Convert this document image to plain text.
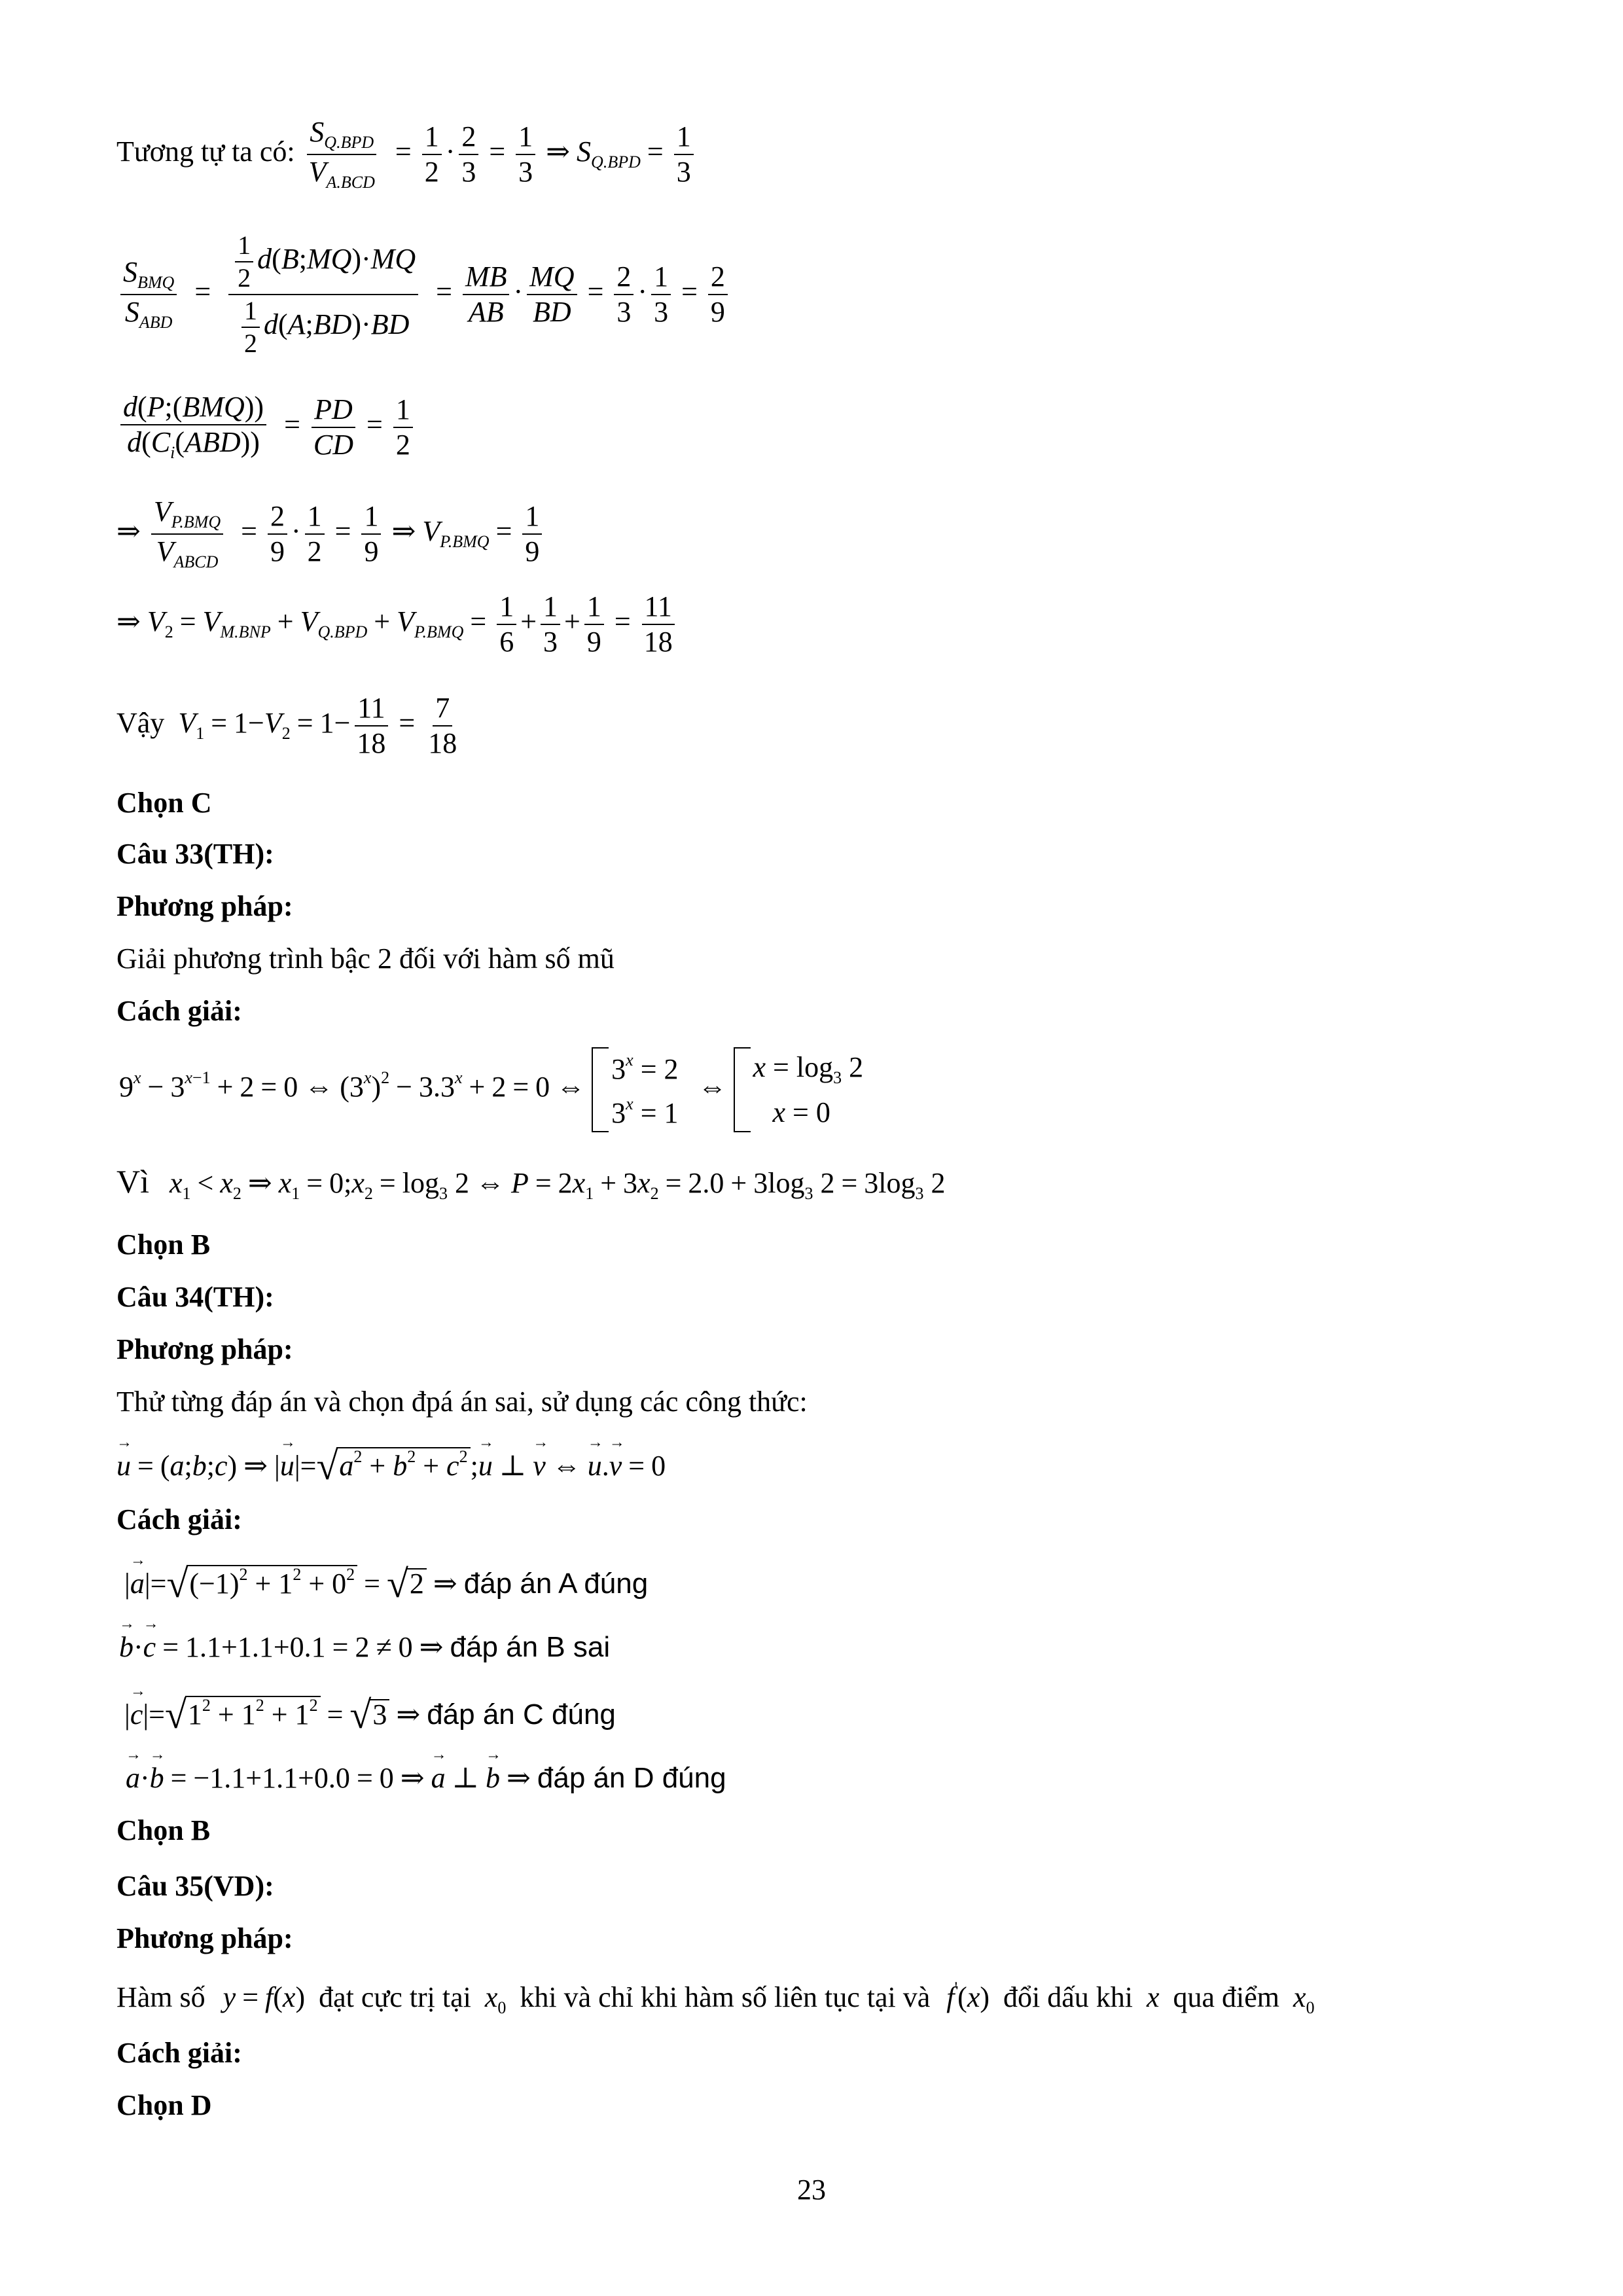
Tương tự ta có: $\frac{S_{Q.BPD}}{V_{A.BCD}} = \frac{1}{2} \cdot \frac{2}{3} = \frac{1}{3}$ ⇒ $S_{Q.BPD} = \frac{1}{3}$
$\frac{S_{BMQ}}{S_{ABD}} = \frac{\frac{1}{2} d(B;MQ)\cdot MQ}{\frac{1}{2} d(A;BD)\cdot BD} = \frac{MB}{AB} \cdot \frac{MQ}{BD} = \frac{2}{3} \cdot \frac{1}{3} = \frac{2}{9}$
$\frac{\text{d(P;(BMQ))}}{d(C_i(ABD))} = \frac{PD}{CD} = \frac{1}{2}$
⇒ $\frac{V_{P.BMQ}}{V_{ABCD}} = \frac{2}{9} \cdot \frac{1}{2} = \frac{1}{9}$ ⇒ $V_{P.BMQ} = \frac{1}{9}$
⇒ $V_2 = V_{M.BNP} + V_{Q.BPD} + V_{P.BMQ} = \frac{1}{6} + \frac{1}{3} + \frac{1}{9} = \frac{11}{18}$
Vậy $V_1 = 1-V_2 = 1- \frac{11}{18} = \frac{7}{18}$
Chọn C
Câu 33(TH):
Phương pháp:
Giải phương trình bậc 2 đối với hàm số mũ
Cách giải:
$9^x - 3^{x-1} + 2 = 0$ ⇔ $(3^x)^2 - 3.3^x + 2 = 0$ ⇔
$3^x = 2$
$3^x = 1$
⇔
$x = \log_3 2$
x = 0
Vì $x_1 < x_2$ ⇒ $x_1$ = $0;x_2 = \log_3 2$ ⇔ $P = 2x_1 + 3x_2 = 2.0 + 3\log_3$ $2 = 3\log_3$ 2
Chọn B
Câu 34(TH):
Phương pháp:
Thử từng đáp án và chọn đpá án sai, sử dụng các công thức:
→ u = (a;b;c) ⇒ |→ $u|=√a^2 + b^2$ + $c^2;\to u$ ⊥ → v ⇔ → u.→ v = 0
Cách giải:
|→ $a|=√(-1)^2 + 1^2 + 0^2 = √2$ ⇒ đáp án A đúng
→ b·→ c = 1.1+1.1+0.1 = 2 ≠ 0 ⇒ đáp án B sai
|→ $c|=√1^2 + 1^2 + 1^2 = √3$ ⇒ đáp án C đúng
→ a·→ b = −1.1+1.1+0.0 = 0 ⇒ → a ⊥ → b ⇒ đáp án D đúng
Chọn B
Câu 35(VD):
Phương pháp:
Hàm số y = f(x) đạt cực trị tại $x_0$ khi và chỉ khi hàm số liên tục tại và f'(x) đổi dấu khi x qua điểm $x_0$
Cách giải:
Chọn D
23
